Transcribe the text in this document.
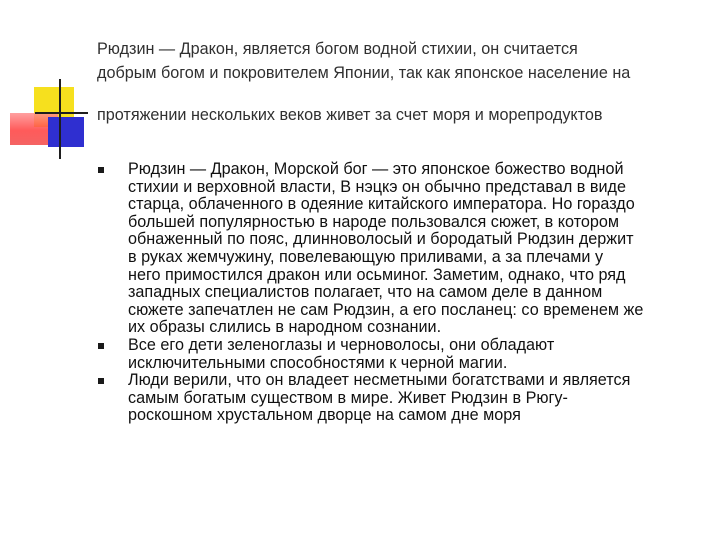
Рюдзин — Дракон, является богом водной стихии, он считается
добрым богом и покровителем Японии, так как японское население на
протяжении нескольких веков живет за счет моря и морепродуктов
Рюдзин — Дракон, Морской бог — это японское божество водной
стихии и верховной власти, В нэцкэ он обычно представал в виде
старца, облаченного в одеяние китайского императора. Но гораздо
большей популярностью в народе пользовался сюжет, в котором
обнаженный по пояс, длинноволосый и бородатый Рюдзин держит
в руках жемчужину, повелевающую приливами, а за плечами у
него примостился дракон или осьминог. Заметим, однако, что ряд
западных специалистов полагает, что на самом деле в данном
сюжете запечатлен не сам Рюдзин, а его посланец: со временем же
их образы слились в народном сознании.
Все его дети зеленоглазы и черноволосы, они обладают
исключительными способностями к черной магии.
Люди верили, что он владеет несметными богатствами и является
самым богатым существом в мире. Живет Рюдзин в Рюгу-
роскошном хрустальном дворце на самом дне моря
